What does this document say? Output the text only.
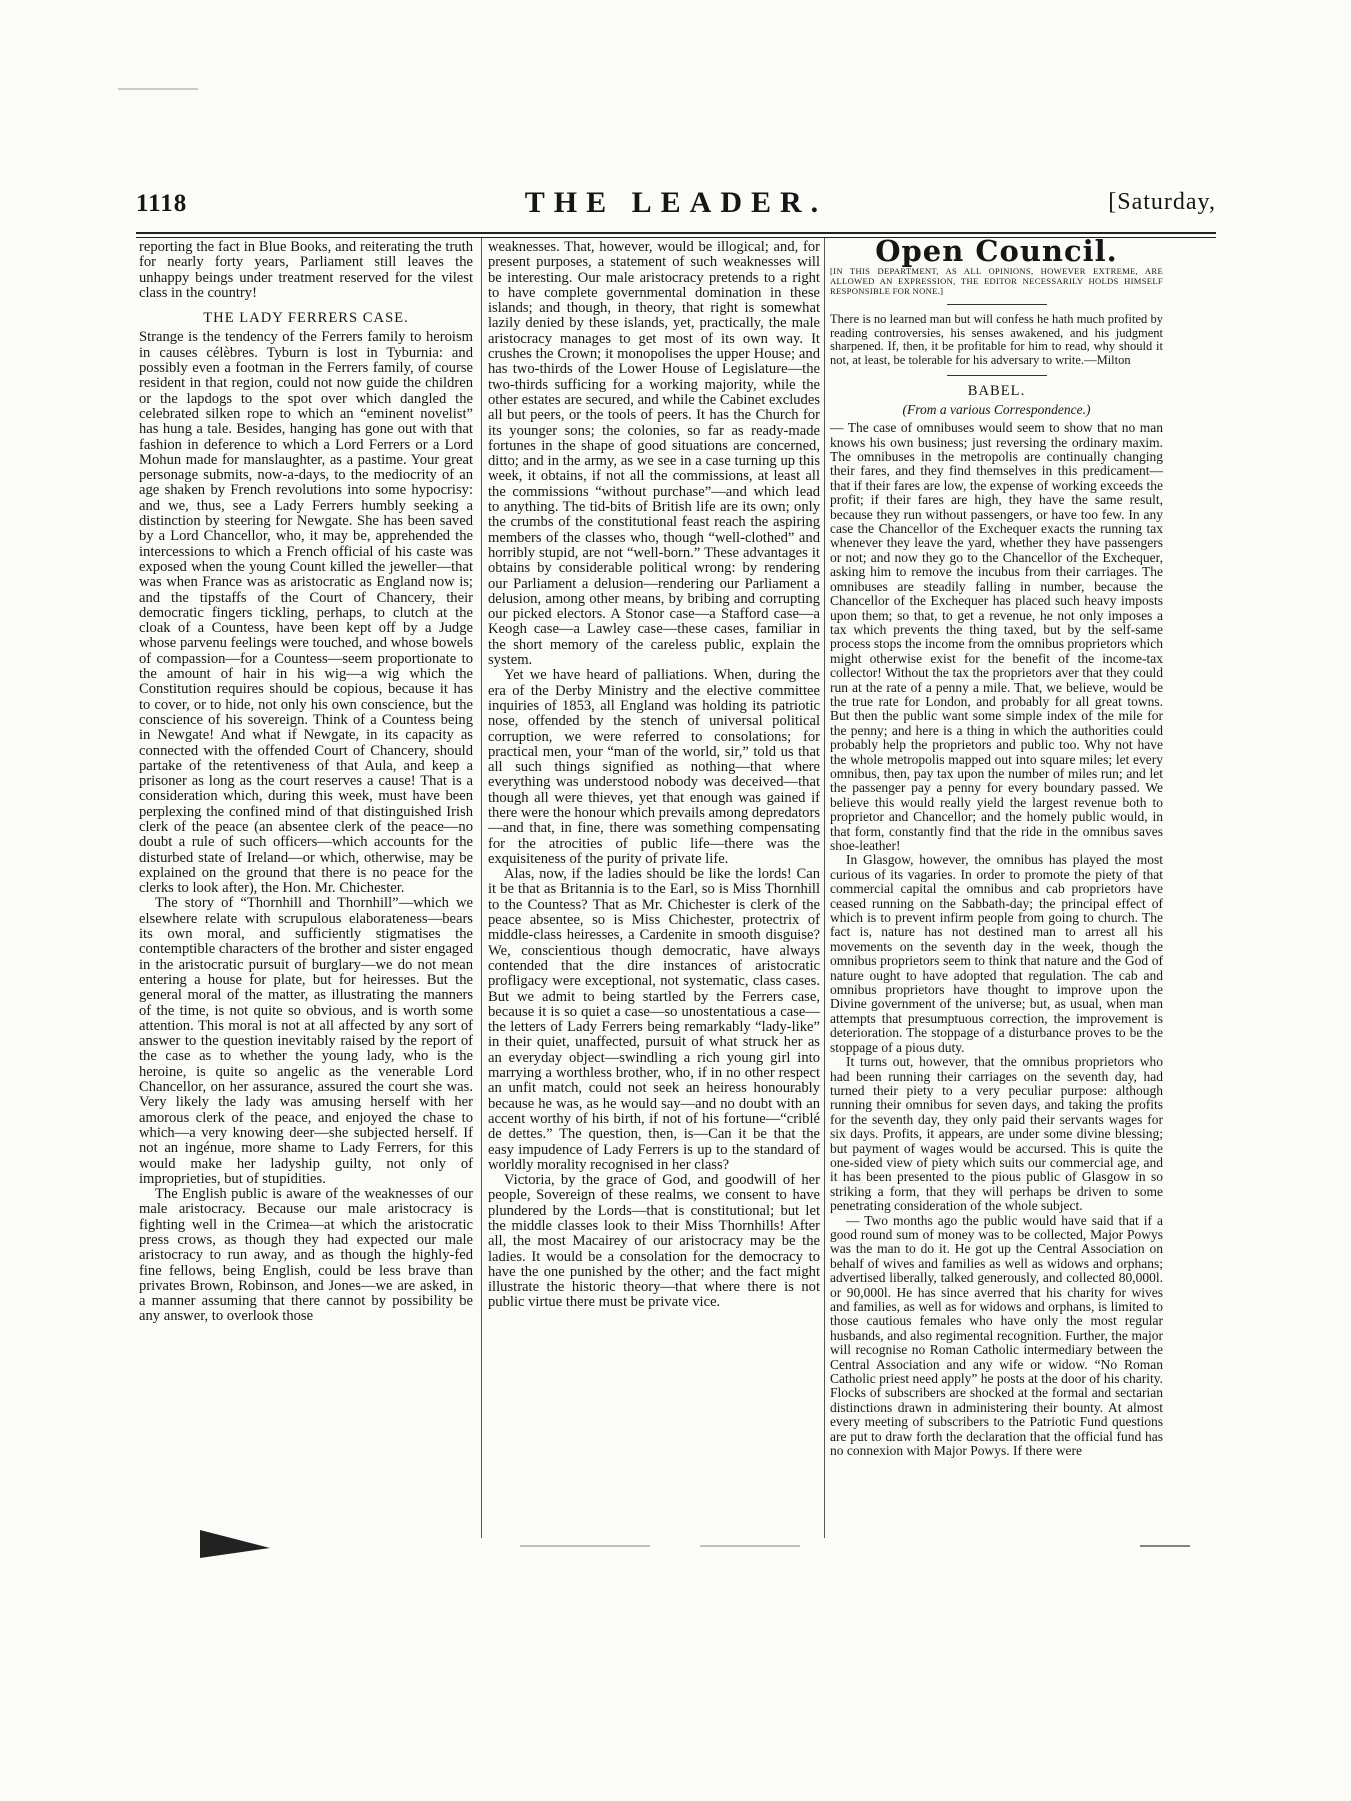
1118	THE LEADER.	[Saturday,

reporting the fact in Blue Books, and reiterating the truth for nearly forty years, Parliament still leaves the unhappy beings under treatment reserved for the vilest class in the country!

THE LADY FERRERS CASE.

Strange is the tendency of the Ferrers family to heroism in causes célèbres. Tyburn is lost in Tyburnia: and possibly even a footman in the Ferrers family, of course resident in that region, could not now guide the children or the lapdogs to the spot over which dangled the celebrated silken rope to which an “eminent novelist” has hung a tale. Besides, hanging has gone out with that fashion in deference to which a Lord Ferrers or a Lord Mohun made for manslaughter, as a pastime. Your great personage submits, now-a-days, to the mediocrity of an age shaken by French revolutions into some hypocrisy: and we, thus, see a Lady Ferrers humbly seeking a distinction by steering for Newgate. She has been saved by a Lord Chancellor, who, it may be, apprehended the intercessions to which a French official of his caste was exposed when the young Count killed the jeweller—that was when France was as aristocratic as England now is; and the tipstaffs of the Court of Chancery, their democratic fingers tickling, perhaps, to clutch at the cloak of a Countess, have been kept off by a Judge whose parvenu feelings were touched, and whose bowels of compassion—for a Countess—seem proportionate to the amount of hair in his wig—a wig which the Constitution requires should be copious, because it has to cover, or to hide, not only his own conscience, but the conscience of his sovereign. Think of a Countess being in Newgate! And what if Newgate, in its capacity as connected with the offended Court of Chancery, should partake of the retentiveness of that Aula, and keep a prisoner as long as the court reserves a cause! That is a consideration which, during this week, must have been perplexing the confined mind of that distinguished Irish clerk of the peace (an absentee clerk of the peace—no doubt a rule of such officers—which accounts for the disturbed state of Ireland—or which, otherwise, may be explained on the ground that there is no peace for the clerks to look after), the Hon. Mr. Chichester.

The story of “Thornhill and Thornhill”—which we elsewhere relate with scrupulous elaborateness—bears its own moral, and sufficiently stigmatises the contemptible characters of the brother and sister engaged in the aristocratic pursuit of burglary—we do not mean entering a house for plate, but for heiresses. But the general moral of the matter, as illustrating the manners of the time, is not quite so obvious, and is worth some attention. This moral is not at all affected by any sort of answer to the question inevitably raised by the report of the case as to whether the young lady, who is the heroine, is quite so angelic as the venerable Lord Chancellor, on her assurance, assured the court she was. Very likely the lady was amusing herself with her amorous clerk of the peace, and enjoyed the chase to which—a very knowing deer—she subjected herself. If not an ingénue, more shame to Lady Ferrers, for this would make her ladyship guilty, not only of improprieties, but of stupidities.

The English public is aware of the weaknesses of our male aristocracy. Because our male aristocracy is fighting well in the Crimea—at which the aristocratic press crows, as though they had expected our male aristocracy to run away, and as though the highly-fed fine fellows, being English, could be less brave than privates Brown, Robinson, and Jones—we are asked, in a manner assuming that there cannot by possibility be any answer, to overlook those

weaknesses. That, however, would be illogical; and, for present purposes, a statement of such weaknesses will be interesting. Our male aristocracy pretends to a right to have complete governmental domination in these islands; and though, in theory, that right is somewhat lazily denied by these islands, yet, practically, the male aristocracy manages to get most of its own way. It crushes the Crown; it monopolises the upper House; and has two-thirds of the Lower House of Legislature—the two-thirds sufficing for a working majority, while the other estates are secured, and while the Cabinet excludes all but peers, or the tools of peers. It has the Church for its younger sons; the colonies, so far as ready-made fortunes in the shape of good situations are concerned, ditto; and in the army, as we see in a case turning up this week, it obtains, if not all the commissions, at least all the commissions “without purchase”—and which lead to anything. The tid-bits of British life are its own; only the crumbs of the constitutional feast reach the aspiring members of the classes who, though “well-clothed” and horribly stupid, are not “well-born.” These advantages it obtains by considerable political wrong: by rendering our Parliament a delusion—rendering our Parliament a delusion, among other means, by bribing and corrupting our picked electors. A Stonor case—a Stafford case—a Keogh case—a Lawley case—these cases, familiar in the short memory of the careless public, explain the system.

Yet we have heard of palliations. When, during the era of the Derby Ministry and the elective committee inquiries of 1853, all England was holding its patriotic nose, offended by the stench of universal political corruption, we were referred to consolations; for practical men, your “man of the world, sir,” told us that all such things signified as nothing—that where everything was understood nobody was deceived—that though all were thieves, yet that enough was gained if there were the honour which prevails among depredators—and that, in fine, there was something compensating for the atrocities of public life—there was the exquisiteness of the purity of private life.

Alas, now, if the ladies should be like the lords! Can it be that as Britannia is to the Earl, so is Miss Thornhill to the Countess? That as Mr. Chichester is clerk of the peace absentee, so is Miss Chichester, protectrix of middle-class heiresses, a Cardenite in smooth disguise? We, conscientious though democratic, have always contended that the dire instances of aristocratic profligacy were exceptional, not systematic, class cases. But we admit to being startled by the Ferrers case, because it is so quiet a case—so unostentatious a case—the letters of Lady Ferrers being remarkably “lady-like” in their quiet, unaffected, pursuit of what struck her as an everyday object—swindling a rich young girl into marrying a worthless brother, who, if in no other respect an unfit match, could not seek an heiress honourably because he was, as he would say—and no doubt with an accent worthy of his birth, if not of his fortune—“criblé de dettes.” The question, then, is—Can it be that the easy impudence of Lady Ferrers is up to the standard of worldly morality recognised in her class?

Victoria, by the grace of God, and goodwill of her people, Sovereign of these realms, we consent to have plundered by the Lords—that is constitutional; but let the middle classes look to their Miss Thornhills! After all, the most Macairey of our aristocracy may be the ladies. It would be a consolation for the democracy to have the one punished by the other; and the fact might illustrate the historic theory—that where there is not public virtue there must be private vice.

Open Council.
[IN THIS DEPARTMENT, AS ALL OPINIONS, HOWEVER EXTREME, ARE ALLOWED AN EXPRESSION, THE EDITOR NECESSARILY HOLDS HIMSELF RESPONSIBLE FOR NONE.]
There is no learned man but will confess he hath much profited by reading controversies, his senses awakened, and his judgment sharpened. If, then, it be profitable for him to read, why should it not, at least, be tolerable for his adversary to write.—Milton
BABEL.
(From a various Correspondence.)

— The case of omnibuses would seem to show that no man knows his own business; just reversing the ordinary maxim. The omnibuses in the metropolis are continually changing their fares, and they find themselves in this predicament—that if their fares are low, the expense of working exceeds the profit; if their fares are high, they have the same result, because they run without passengers, or have too few. In any case the Chancellor of the Exchequer exacts the running tax whenever they leave the yard, whether they have passengers or not; and now they go to the Chancellor of the Exchequer, asking him to remove the incubus from their carriages. The omnibuses are steadily falling in number, because the Chancellor of the Exchequer has placed such heavy imposts upon them; so that, to get a revenue, he not only imposes a tax which prevents the thing taxed, but by the self-same process stops the income from the omnibus proprietors which might otherwise exist for the benefit of the income-tax collector! Without the tax the proprietors aver that they could run at the rate of a penny a mile. That, we believe, would be the true rate for London, and probably for all great towns. But then the public want some simple index of the mile for the penny; and here is a thing in which the authorities could probably help the proprietors and public too. Why not have the whole metropolis mapped out into square miles; let every omnibus, then, pay tax upon the number of miles run; and let the passenger pay a penny for every boundary passed. We believe this would really yield the largest revenue both to proprietor and Chancellor; and the homely public would, in that form, constantly find that the ride in the omnibus saves shoe-leather!

In Glasgow, however, the omnibus has played the most curious of its vagaries. In order to promote the piety of that commercial capital the omnibus and cab proprietors have ceased running on the Sabbath-day; the principal effect of which is to prevent infirm people from going to church. The fact is, nature has not destined man to arrest all his movements on the seventh day in the week, though the omnibus proprietors seem to think that nature and the God of nature ought to have adopted that regulation. The cab and omnibus proprietors have thought to improve upon the Divine government of the universe; but, as usual, when man attempts that presumptuous correction, the improvement is deterioration. The stoppage of a disturbance proves to be the stoppage of a pious duty.

It turns out, however, that the omnibus proprietors who had been running their carriages on the seventh day, had turned their piety to a very peculiar purpose: although running their omnibus for seven days, and taking the profits for the seventh day, they only paid their servants wages for six days. Profits, it appears, are under some divine blessing; but payment of wages would be accursed. This is quite the one-sided view of piety which suits our commercial age, and it has been presented to the pious public of Glasgow in so striking a form, that they will perhaps be driven to some penetrating consideration of the whole subject.

— Two months ago the public would have said that if a good round sum of money was to be collected, Major Powys was the man to do it. He got up the Central Association on behalf of wives and families as well as widows and orphans; advertised liberally, talked generously, and collected 80,000l. or 90,000l. He has since averred that his charity for wives and families, as well as for widows and orphans, is limited to those cautious females who have only the most regular husbands, and also regimental recognition. Further, the major will recognise no Roman Catholic intermediary between the Central Association and any wife or widow. “No Roman Catholic priest need apply” he posts at the door of his charity. Flocks of subscribers are shocked at the formal and sectarian distinctions drawn in administering their bounty. At almost every meeting of subscribers to the Patriotic Fund questions are put to draw forth the declaration that the official fund has no connexion with Major Powys. If there were
